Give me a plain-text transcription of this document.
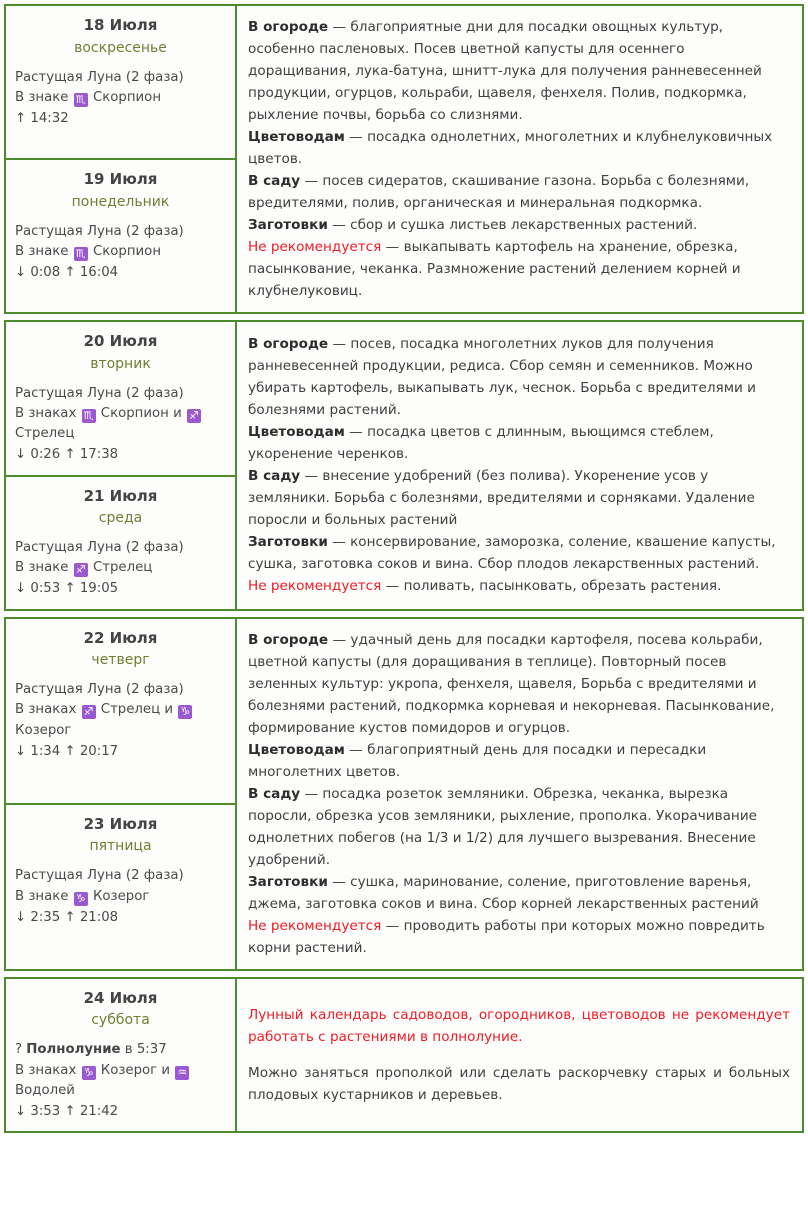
18 Июля
воскресенье
Растущая Луна (2 фаза)
В знаке ♏ Скорпион
↑ 14:32
19 Июля
понедельник
Растущая Луна (2 фаза)
В знаке ♏ Скорпион
↓ 0:08 ↑ 16:04

В огороде — благоприятные дни для посадки овощных культур, особенно пасленовых. Посев цветной капусты для осеннего доращивания, лука-батуна, шнитт-лука для получения ранневесенней продукции, огурцов, кольраби, щавеля, фенхеля. Полив, подкормка, рыхление почвы, борьба со слизнями.

Цветоводам — посадка однолетних, многолетних и клубнелуковичных цветов.

В саду — посев сидератов, скашивание газона. Борьба с болезнями, вредителями, полив, органическая и минеральная подкормка.

Заготовки — сбор и сушка листьев лекарственных растений.

Не рекомендуется — выкапывать картофель на хранение, обрезка, пасынкование, чеканка. Размножение растений делением корней и клубнелуковиц.

20 Июля
вторник
Растущая Луна (2 фаза)
В знаках ♏ Скорпион и ♐ Стрелец
↓ 0:26 ↑ 17:38
21 Июля
среда
Растущая Луна (2 фаза)
В знаке ♐ Стрелец
↓ 0:53 ↑ 19:05

В огороде — посев, посадка многолетних луков для получения ранневесенней продукции, редиса. Сбор семян и семенников. Можно убирать картофель, выкапывать лук, чеснок. Борьба с вредителями и болезнями растений.

Цветоводам — посадка цветов с длинным, вьющимся стеблем, укоренение черенков.

В саду — внесение удобрений (без полива). Укоренение усов у земляники. Борьба с болезнями, вредителями и сорняками. Удаление поросли и больных растений

Заготовки — консервирование, заморозка, соление, квашение капусты, сушка, заготовка соков и вина. Сбор плодов лекарственных растений.

Не рекомендуется — поливать, пасынковать, обрезать растения.

22 Июля
четверг
Растущая Луна (2 фаза)
В знаках ♐ Стрелец и ♑ Козерог
↓ 1:34 ↑ 20:17
23 Июля
пятница
Растущая Луна (2 фаза)
В знаке ♑ Козерог
↓ 2:35 ↑ 21:08

В огороде — удачный день для посадки картофеля, посева кольраби, цветной капусты (для доращивания в теплице). Повторный посев зеленных культур: укропа, фенхеля, щавеля, Борьба с вредителями и болезнями растений, подкормка корневая и некорневая. Пасынкование, формирование кустов помидоров и огурцов.

Цветоводам — благоприятный день для посадки и пересадки многолетних цветов.

В саду — посадка розеток земляники. Обрезка, чеканка, вырезка поросли, обрезка усов земляники, рыхление, прополка. Укорачивание однолетних побегов (на 1/3 и 1/2) для лучшего вызревания. Внесение удобрений.

Заготовки — сушка, маринование, соление, приготовление варенья, джема, заготовка соков и вина. Сбор корней лекарственных растений

Не рекомендуется — проводить работы при которых можно повредить корни растений.

24 Июля
суббота
? Полнолуние в 5:37
В знаках ♑ Козерог и ♒ Водолей
↓ 3:53 ↑ 21:42

Лунный календарь садоводов, огородников, цветоводов не рекомендует работать с растениями в полнолуние.

Можно заняться прополкой или сделать раскорчевку старых и больных плодовых кустарников и деревьев.
